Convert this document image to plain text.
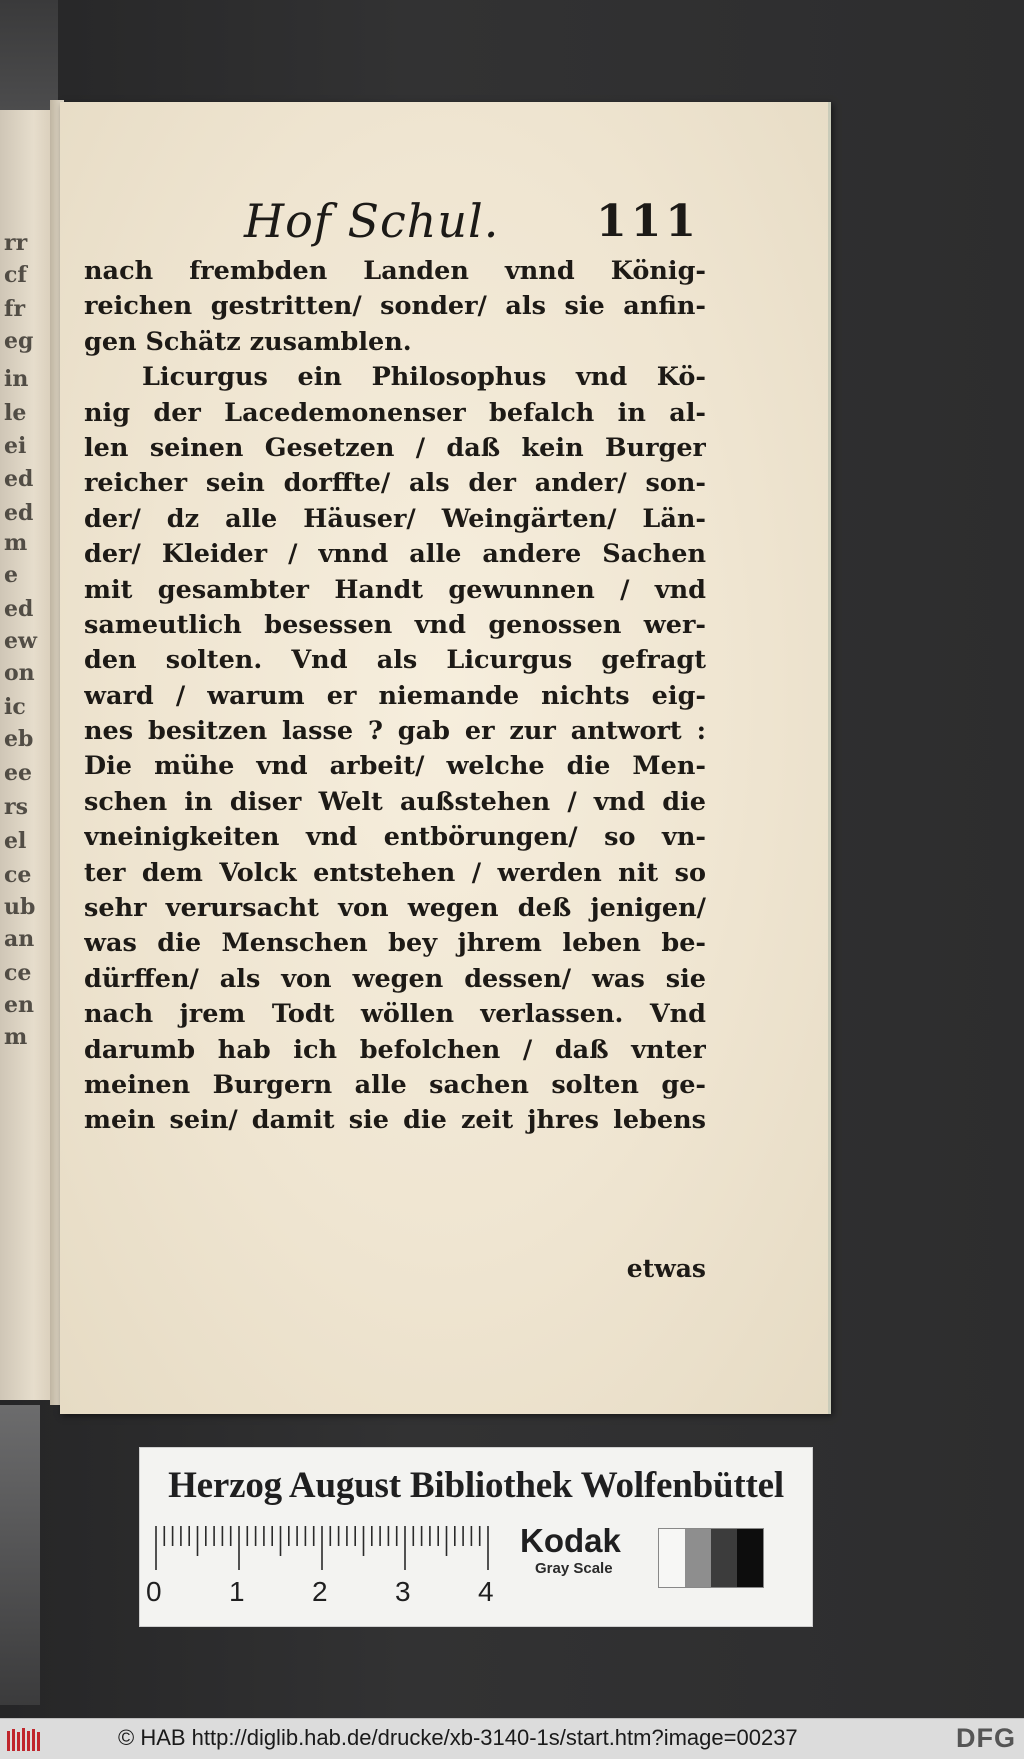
rr
cf
fr
eg
in
le
ei
ed
ed
m
e
ed
ew
on
ic
eb
ee
rs
el
ce
ub
an
ce
en
m
Hof Schul. 111
nach frembden Landen vnnd König-
reichen gestritten/ sonder/ als sie anfin-
gen Schätz zusamblen.
Licurgus ein Philosophus vnd Kö-
nig der Lacedemonenser befalch in al-
len seinen Gesetzen / daß kein Burger
reicher sein dorffte/ als der ander/ son-
der/ dz alle Häuser/ Weingärten/ Län-
der/ Kleider / vnnd alle andere Sachen
mit gesambter Handt gewunnen / vnd
sameutlich besessen vnd genossen wer-
den solten. Vnd als Licurgus gefragt
ward / warum er niemande nichts eig-
nes besitzen lasse ? gab er zur antwort :
Die mühe vnd arbeit/ welche die Men-
schen in diser Welt außstehen / vnd die
vneinigkeiten vnd entbörungen/ so vn-
ter dem Volck entstehen / werden nit so
sehr verursacht von wegen deß jenigen/
was die Menschen bey jhrem leben be-
dürffen/ als von wegen dessen/ was sie
nach jrem Todt wöllen verlassen. Vnd
darumb hab ich befolchen / daß vnter
meinen Burgern alle sachen solten ge-
mein sein/ damit sie die zeit jhres lebens
etwas
Herzog August Bibliothek Wolfenbüttel
0 1 2 3 4
Kodak
Gray Scale
© HAB http://diglib.hab.de/drucke/xb-3140-1s/start.htm?image=00237	DFG
